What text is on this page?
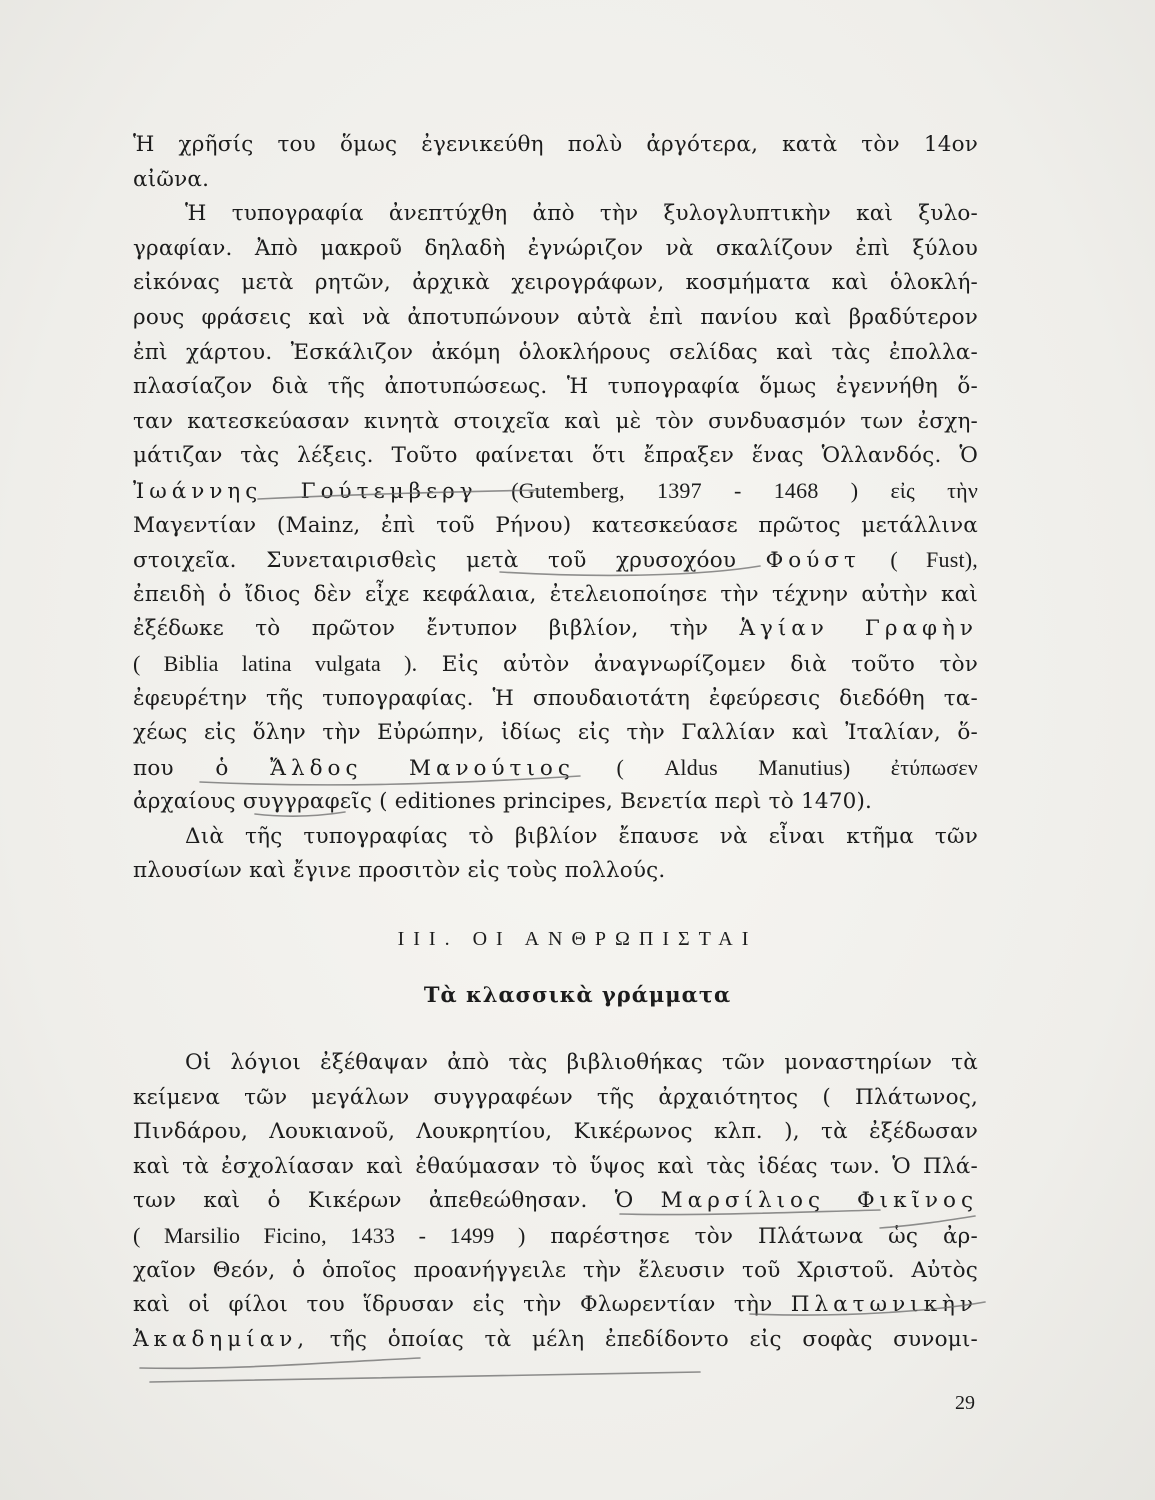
Ἡ χρῆσίς του ὅμως ἐγενικεύθη πολὺ ἀργότερα, κατὰ τὸν 14ον
αἰῶνα.
Ἡ τυπογραφία ἀνεπτύχθη ἀπὸ τὴν ξυλογλυπτικὴν καὶ ξυλο-
γραφίαν. Ἀπὸ μακροῦ δηλαδὴ ἐγνώριζον νὰ σκαλίζουν ἐπὶ ξύλου
εἰκόνας μετὰ ρητῶν, ἀρχικὰ χειρογράφων, κοσμήματα καὶ ὁλοκλή-
ρους φράσεις καὶ νὰ ἀποτυπώνουν αὐτὰ ἐπὶ πανίου καὶ βραδύτερον
ἐπὶ χάρτου. Ἐσκάλιζον ἀκόμη ὁλοκλήρους σελίδας καὶ τὰς ἐπολλα-
πλασίαζον διὰ τῆς ἀποτυπώσεως. Ἡ τυπογραφία ὅμως ἐγεννήθη ὅ-
ταν κατεσκεύασαν κινητὰ στοιχεῖα καὶ μὲ τὸν συνδυασμόν των ἐσχη-
μάτιζαν τὰς λέξεις. Τοῦτο φαίνεται ὅτι ἔπραξεν ἕνας Ὁλλανδός. Ὁ
Ἰωάννης Γούτεμβεργ (Gutemberg, 1397 - 1468 ) εἰς τὴν
Μαγεντίαν (Mainz, ἐπὶ τοῦ Ρήνου) κατεσκεύασε πρῶτος μετάλλινα
στοιχεῖα. Συνεταιρισθεὶς μετὰ τοῦ χρυσοχόου Φούστ ( Fust),
ἐπειδὴ ὁ ἴδιος δὲν εἶχε κεφάλαια, ἐτελειοποίησε τὴν τέχνην αὐτὴν καὶ
ἐξέδωκε τὸ πρῶτον ἔντυπον βιβλίον, τὴν Ἁγίαν Γραφὴν
( Biblia latina vulgata ). Εἰς αὐτὸν ἀναγνωρίζομεν διὰ τοῦτο τὸν
ἐφευρέτην τῆς τυπογραφίας. Ἡ σπουδαιοτάτη ἐφεύρεσις διεδόθη τα-
χέως εἰς ὅλην τὴν Εὐρώπην, ἰδίως εἰς τὴν Γαλλίαν καὶ Ἰταλίαν, ὅ-
που ὁ Ἄλδος Μανούτιος ( Aldus Manutius) ἐτύπωσεν
ἀρχαίους συγγραφεῖς ( editiones principes, Βενετία περὶ τὸ 1470).
Διὰ τῆς τυπογραφίας τὸ βιβλίον ἔπαυσε νὰ εἶναι κτῆμα τῶν
πλουσίων καὶ ἔγινε προσιτὸν εἰς τοὺς πολλούς.
III. ΟΙ ΑΝΘΡΩΠΙΣΤΑΙ
Τὰ κλασσικὰ γράμματα
Οἱ λόγιοι ἐξέθαψαν ἀπὸ τὰς βιβλιοθήκας τῶν μοναστηρίων τὰ
κείμενα τῶν μεγάλων συγγραφέων τῆς ἀρχαιότητος ( Πλάτωνος,
Πινδάρου, Λουκιανοῦ, Λουκρητίου, Κικέρωνος κλπ. ), τὰ ἐξέδωσαν
καὶ τὰ ἐσχολίασαν καὶ ἐθαύμασαν τὸ ὕψος καὶ τὰς ἰδέας των. Ὁ Πλά-
των καὶ ὁ Κικέρων ἀπεθεώθησαν. Ὁ Μαρσίλιος Φικῖνος
( Marsilio Ficino, 1433 - 1499 ) παρέστησε τὸν Πλάτωνα ὡς ἀρ-
χαῖον Θεόν, ὁ ὁποῖος προανήγγειλε τὴν ἔλευσιν τοῦ Χριστοῦ. Αὐτὸς
καὶ οἱ φίλοι του ἵδρυσαν εἰς τὴν Φλωρεντίαν τὴν Πλατωνικὴν
Ἀκαδημίαν, τῆς ὁποίας τὰ μέλη ἐπεδίδοντο εἰς σοφὰς συνομι-
29
